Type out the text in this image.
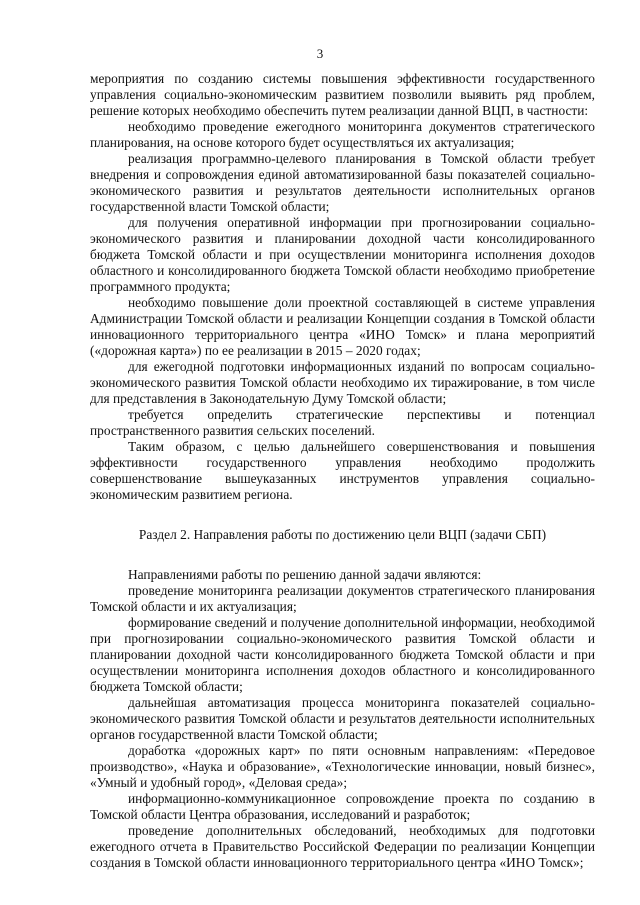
3

мероприятия по созданию системы повышения эффективности государственного управления социально-экономическим развитием позволили выявить ряд проблем, решение которых необходимо обеспечить путем реализации данной ВЦП, в частности:

необходимо проведение ежегодного мониторинга документов стратегического планирования, на основе которого будет осуществляться их актуализация;

реализация программно-целевого планирования в Томской области требует внедрения и сопровождения единой автоматизированной базы показателей социально-экономического развития и результатов деятельности исполнительных органов государственной власти Томской области;

для получения оперативной информации при прогнозировании социально-экономического развития и планировании доходной части консолидированного бюджета Томской области и при осуществлении мониторинга исполнения доходов областного и консолидированного бюджета Томской области необходимо приобретение программного продукта;

необходимо повышение доли проектной составляющей в системе управления Администрации Томской области и реализации Концепции создания в Томской области инновационного территориального центра «ИНО Томск» и плана мероприятий («дорожная карта») по ее реализации в 2015 – 2020 годах;

для ежегодной подготовки информационных изданий по вопросам социально-экономического развития Томской области необходимо их тиражирование, в том числе для представления в Законодательную Думу Томской области;

требуется определить стратегические перспективы и потенциал пространственного развития сельских поселений.

Таким образом, с целью дальнейшего совершенствования и повышения эффективности государственного управления необходимо продолжить совершенствование вышеуказанных инструментов управления социально-экономическим развитием региона.

Раздел 2. Направления работы по достижению цели ВЦП (задачи СБП)

Направлениями работы по решению данной задачи являются:

проведение мониторинга реализации документов стратегического планирования Томской области и их актуализация;

формирование сведений и получение дополнительной информации, необходимой при прогнозировании социально-экономического развития Томской области и планировании доходной части консолидированного бюджета Томской области и при осуществлении мониторинга исполнения доходов областного и консолидированного бюджета Томской области;

дальнейшая автоматизация процесса мониторинга показателей социально-экономического развития Томской области и результатов деятельности исполнительных органов государственной власти Томской области;

доработка «дорожных карт» по пяти основным направлениям: «Передовое производство», «Наука и образование», «Технологические инновации, новый бизнес», «Умный и удобный город», «Деловая среда»;

информационно-коммуникационное сопровождение проекта по созданию в Томской области Центра образования, исследований и разработок;

проведение дополнительных обследований, необходимых для подготовки ежегодного отчета в Правительство Российской Федерации по реализации Концепции создания в Томской области инновационного территориального центра «ИНО Томск»;
